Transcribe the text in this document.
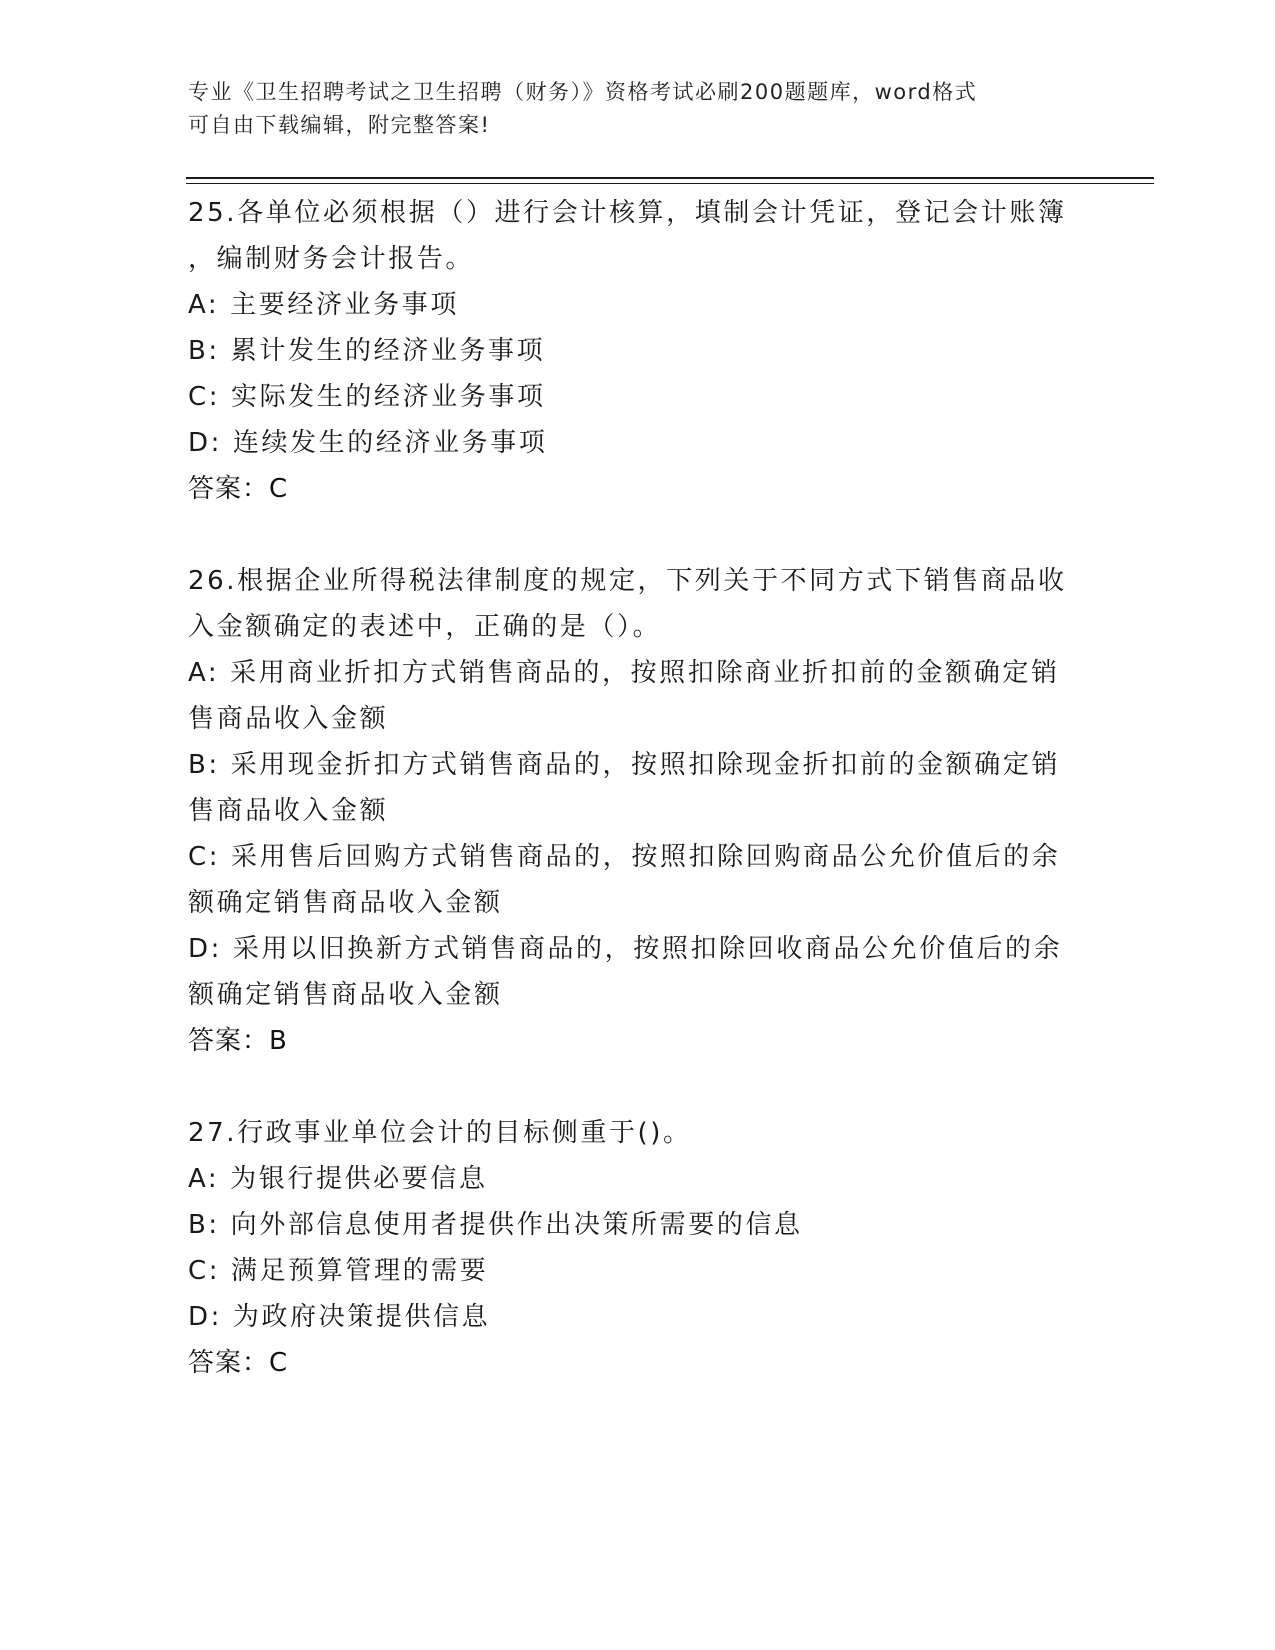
专业《卫生招聘考试之卫生招聘（财务）》资格考试必刷200题题库，word格式
可自由下载编辑，附完整答案!
25.各单位必须根据（）进行会计核算，填制会计凭证，登记会计账簿
，编制财务会计报告。
A: 主要经济业务事项
B: 累计发生的经济业务事项
C: 实际发生的经济业务事项
D: 连续发生的经济业务事项
答案：C
26.根据企业所得税法律制度的规定，下列关于不同方式下销售商品收
入金额确定的表述中，正确的是（）。
A: 采用商业折扣方式销售商品的，按照扣除商业折扣前的金额确定销
售商品收入金额
B: 采用现金折扣方式销售商品的，按照扣除现金折扣前的金额确定销
售商品收入金额
C: 采用售后回购方式销售商品的，按照扣除回购商品公允价值后的余
额确定销售商品收入金额
D: 采用以旧换新方式销售商品的，按照扣除回收商品公允价值后的余
额确定销售商品收入金额
答案：B
27.行政事业单位会计的目标侧重于()。
A: 为银行提供必要信息
B: 向外部信息使用者提供作出决策所需要的信息
C: 满足预算管理的需要
D: 为政府决策提供信息
答案：C
